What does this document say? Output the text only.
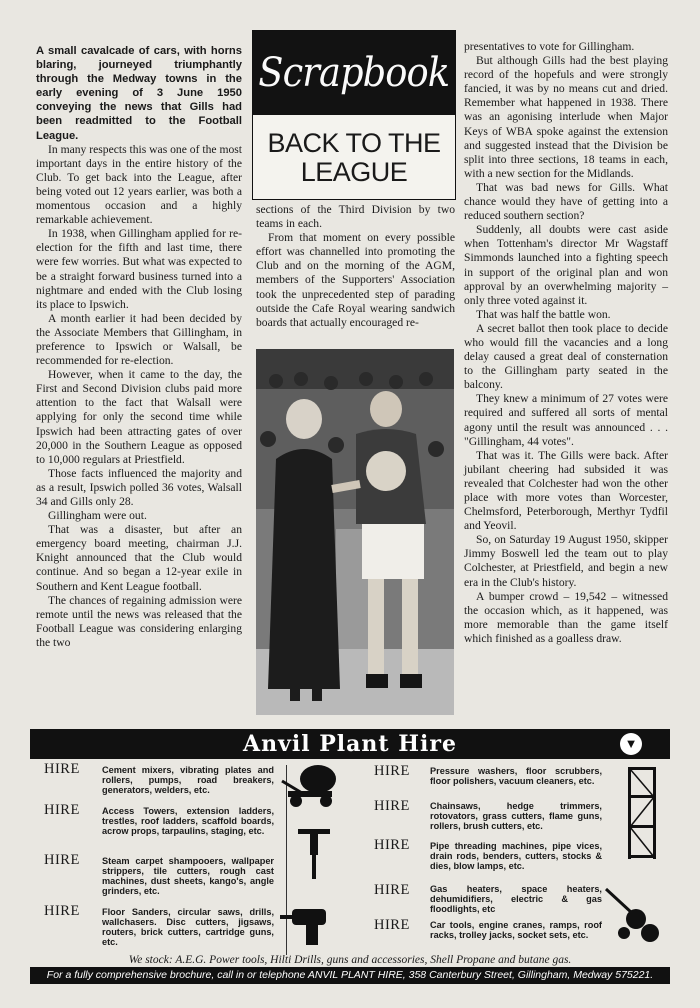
A small cavalcade of cars, with horns blaring, journeyed triumphantly through the Medway towns in the early evening of 3 June 1950 conveying the news that Gills had been readmitted to the Football League.

In many respects this was one of the most important days in the entire history of the Club. To get back into the League, after being voted out 12 years earlier, was both a momentous occasion and a highly remarkable achievement.

In 1938, when Gillingham applied for re-election for the fifth and last time, there were few worries. But what was expected to be a straight forward business turned into a nightmare and ended with the Club losing its place to Ipswich.

A month earlier it had been decided by the Associate Members that Gillingham, in preference to Ipswich or Walsall, be recommended for re-election.

However, when it came to the day, the First and Second Division clubs paid more attention to the fact that Walsall were applying for only the second time while Ipswich had been attracting gates of over 20,000 in the Southern League as opposed to 10,000 regulars at Priestfield.

Those facts influenced the majority and as a result, Ipswich polled 36 votes, Walsall 34 and Gills only 28.

Gillingham were out.

That was a disaster, but after an emergency board meeting, chairman J.J. Knight announced that the Club would continue. And so began a 12-year exile in Southern and Kent League football.

The chances of regaining admission were remote until the news was released that the Football League was considering enlarging the two

Scrapbook
BACK TO THE
LEAGUE

sections of the Third Division by two teams in each.

From that moment on every possible effort was channelled into promoting the Club and on the morning of the AGM, members of the Supporters' Association took the unprecedented step of parading outside the Cafe Royal wearing sandwich boards that actually encouraged re-

presentatives to vote for Gillingham.

But although Gills had the best playing record of the hopefuls and were strongly fancied, it was by no means cut and dried. Remember what happened in 1938. There was an agonising interlude when Major Keys of WBA spoke against the extension and suggested instead that the Division be split into three sections, 18 teams in each, with a new section for the Midlands.

That was bad news for Gills. What chance would they have of getting into a reduced southern section?

Suddenly, all doubts were cast aside when Tottenham's director Mr Wagstaff Simmonds launched into a fighting speech in support of the original plan and won approval by an overwhelming majority – only three voted against it.

That was half the battle won.

A secret ballot then took place to decide who would fill the vacancies and a long delay caused a great deal of consternation to the Gillingham party seated in the balcony.

They knew a minimum of 27 votes were required and suffered all sorts of mental agony until the result was announced . . . "Gillingham, 44 votes".

That was it. The Gills were back. After jubilant cheering had subsided it was revealed that Colchester had won the other place with more votes than Worcester, Chelmsford, Peterborough, Merthyr Tydfil and Yeovil.

So, on Saturday 19 August 1950, skipper Jimmy Boswell led the team out to play Colchester, at Priestfield, and begin a new era in the Club's history.

A bumper crowd – 19,542 – witnessed the occasion which, as it happened, was more memorable than the game itself which finished as a goalless draw.

Anvil Plant Hire	▼
HIRE Cement mixers, vibrating plates and rollers, pumps, road breakers, generators, welders, etc.
HIRE Access Towers, extension ladders, trestles, roof ladders, scaffold boards, acrow props, tarpaulins, staging, etc.
HIRE Steam carpet shampooers, wallpaper strippers, tile cutters, rough cast machines, dust sheets, kango's, angle grinders, etc.
HIRE Floor Sanders, circular saws, drills, wallchasers. Disc cutters, jigsaws, routers, brick cutters, cartridge guns, etc.
HIRE Pressure washers, floor scrubbers, floor polishers, vacuum cleaners, etc.
HIRE Chainsaws, hedge trimmers, rotovators, grass cutters, flame guns, rollers, brush cutters, etc.
HIRE Pipe threading machines, pipe vices, drain rods, benders, cutters, stocks & dies, blow lamps, etc.
HIRE Gas heaters, space heaters, dehumidifiers, electric & gas floodlights, etc
HIRE Car tools, engine cranes, ramps, roof racks, trolley jacks, socket sets, etc.
We stock: A.E.G. Power tools, Hilti Drills, guns and accessories, Shell Propane and butane gas.
For a fully comprehensive brochure, call in or telephone ANVIL PLANT HIRE, 358 Canterbury Street, Gillingham, Medway 575221.
